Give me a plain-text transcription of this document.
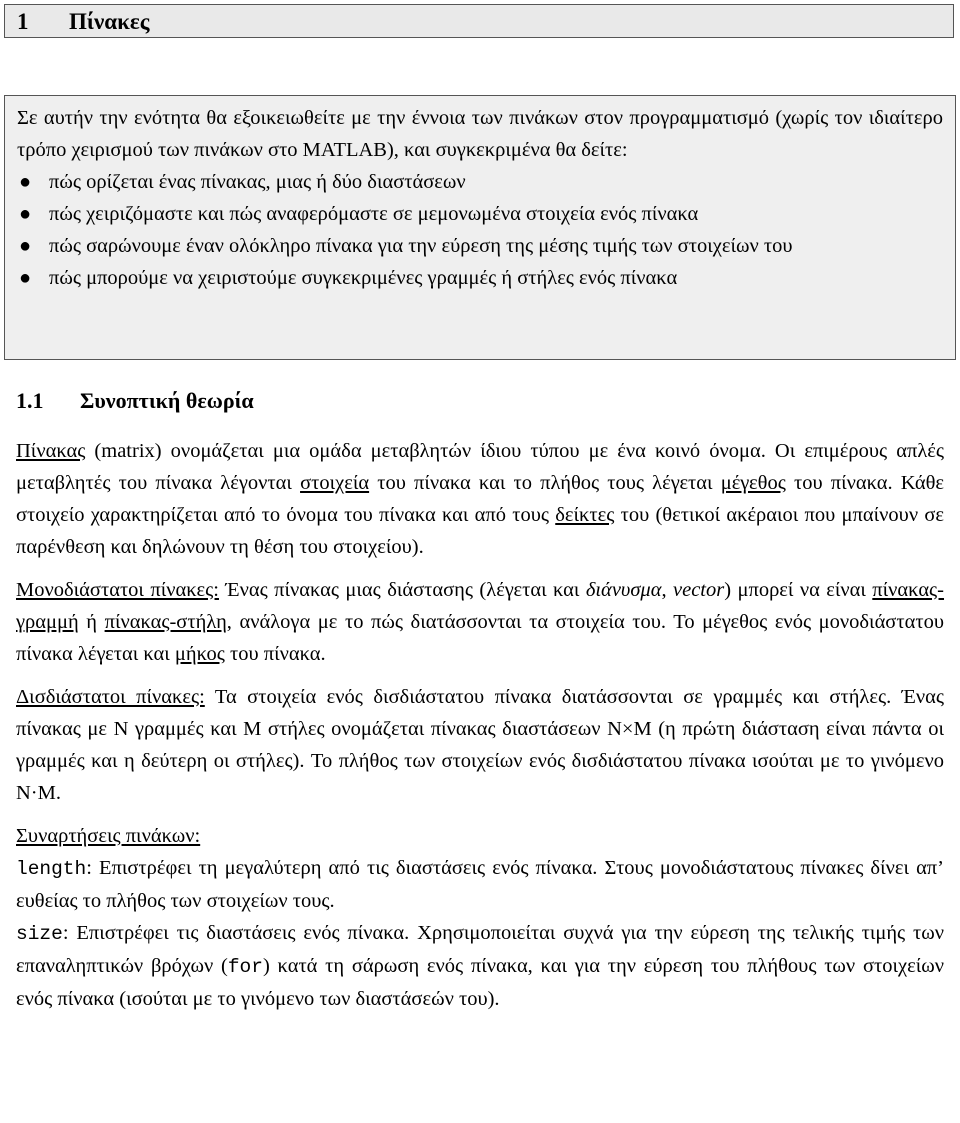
1 Πίνακες

Σε αυτήν την ενότητα θα εξοικειωθείτε με την έννοια των πινάκων στον προγραμματισμό (χωρίς τον ιδιαίτερο τρόπο χειρισμού των πινάκων στο MATLAB), και συγκεκριμένα θα δείτε:

● πώς ορίζεται ένας πίνακας, μιας ή δύο διαστάσεων
● πώς χειριζόμαστε και πώς αναφερόμαστε σε μεμονωμένα στοιχεία ενός πίνακα
● πώς σαρώνουμε έναν ολόκληρο πίνακα για την εύρεση της μέσης τιμής των στοιχείων του
● πώς μπορούμε να χειριστούμε συγκεκριμένες γραμμές ή στήλες ενός πίνακα
1.1 Συνοπτική θεωρία

Πίνακας (matrix) ονομάζεται μια ομάδα μεταβλητών ίδιου τύπου με ένα κοινό όνομα. Οι επιμέρους απλές μεταβλητές του πίνακα λέγονται στοιχεία του πίνακα και το πλήθος τους λέγεται μέγεθος του πίνακα. Κάθε στοιχείο χαρακτηρίζεται από το όνομα του πίνακα και από τους δείκτες του (θετικοί ακέραιοι που μπαίνουν σε παρένθεση και δηλώνουν τη θέση του στοιχείου).

Μονοδιάστατοι πίνακες: Ένας πίνακας μιας διάστασης (λέγεται και διάνυσμα, vector) μπορεί να είναι πίνακας-γραμμή ή πίνακας-στήλη, ανάλογα με το πώς διατάσσονται τα στοιχεία του. Το μέγεθος ενός μονοδιάστατου πίνακα λέγεται και μήκος του πίνακα.

Δισδιάστατοι πίνακες: Τα στοιχεία ενός δισδιάστατου πίνακα διατάσσονται σε γραμμές και στήλες. Ένας πίνακας με N γραμμές και M στήλες ονομάζεται πίνακας διαστάσεων N×M (η πρώτη διάσταση είναι πάντα οι γραμμές και η δεύτερη οι στήλες). Το πλήθος των στοιχείων ενός δισδιάστατου πίνακα ισούται με το γινόμενο N·M.

Συναρτήσεις πινάκων:
length: Επιστρέφει τη μεγαλύτερη από τις διαστάσεις ενός πίνακα. Στους μονοδιάστατους πίνακες δίνει απ’ ευθείας το πλήθος των στοιχείων τους.
size: Επιστρέφει τις διαστάσεις ενός πίνακα. Χρησιμοποιείται συχνά για την εύρεση της τελικής τιμής των επαναληπτικών βρόχων (for) κατά τη σάρωση ενός πίνακα, και για την εύρεση του πλήθους των στοιχείων ενός πίνακα (ισούται με το γινόμενο των διαστάσεών του).
